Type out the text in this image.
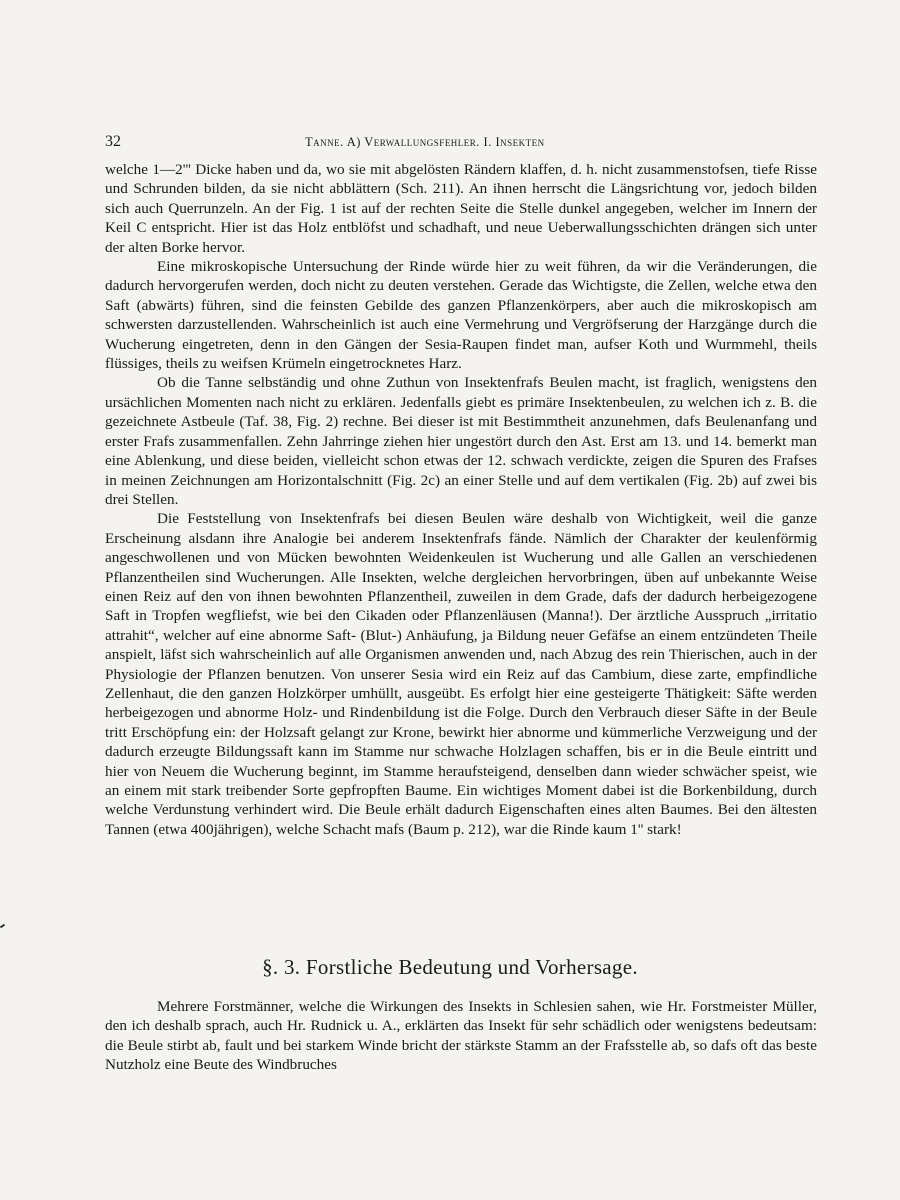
32	Tanne. A) Verwallungsfehler. I. Insekten

welche 1—2''' Dicke haben und da, wo sie mit abgelösten Rändern klaffen, d. h. nicht zusammenstofsen, tiefe Risse und Schrunden bilden, da sie nicht abblättern (Sch. 211). An ihnen herrscht die Längsrichtung vor, jedoch bilden sich auch Querrunzeln. An der Fig. 1 ist auf der rechten Seite die Stelle dunkel angegeben, welcher im Innern der Keil C entspricht. Hier ist das Holz entblöfst und schadhaft, und neue Ueberwallungsschichten drängen sich unter der alten Borke hervor.

Eine mikroskopische Untersuchung der Rinde würde hier zu weit führen, da wir die Veränderungen, die dadurch hervorgerufen werden, doch nicht zu deuten verstehen. Gerade das Wichtigste, die Zellen, welche etwa den Saft (abwärts) führen, sind die feinsten Gebilde des ganzen Pflanzenkörpers, aber auch die mikroskopisch am schwersten darzustellenden. Wahrscheinlich ist auch eine Vermehrung und Vergröfserung der Harzgänge durch die Wucherung eingetreten, denn in den Gängen der Sesia-Raupen findet man, aufser Koth und Wurmmehl, theils flüssiges, theils zu weifsen Krümeln eingetrocknetes Harz.

Ob die Tanne selbständig und ohne Zuthun von Insektenfrafs Beulen macht, ist fraglich, wenigstens den ursächlichen Momenten nach nicht zu erklären. Jedenfalls giebt es primäre Insektenbeulen, zu welchen ich z. B. die gezeichnete Astbeule (Taf. 38, Fig. 2) rechne. Bei dieser ist mit Bestimmtheit anzunehmen, dafs Beulenanfang und erster Frafs zusammenfallen. Zehn Jahrringe ziehen hier ungestört durch den Ast. Erst am 13. und 14. bemerkt man eine Ablenkung, und diese beiden, vielleicht schon etwas der 12. schwach verdickte, zeigen die Spuren des Frafses in meinen Zeichnungen am Horizontalschnitt (Fig. 2c) an einer Stelle und auf dem vertikalen (Fig. 2b) auf zwei bis drei Stellen.

Die Feststellung von Insektenfrafs bei diesen Beulen wäre deshalb von Wichtigkeit, weil die ganze Erscheinung alsdann ihre Analogie bei anderem Insektenfrafs fände. Nämlich der Charakter der keulenförmig angeschwollenen und von Mücken bewohnten Weidenkeulen ist Wucherung und alle Gallen an verschiedenen Pflanzentheilen sind Wucherungen. Alle Insekten, welche dergleichen hervorbringen, üben auf unbekannte Weise einen Reiz auf den von ihnen bewohnten Pflanzentheil, zuweilen in dem Grade, dafs der dadurch herbeigezogene Saft in Tropfen wegfliefst, wie bei den Cikaden oder Pflanzenläusen (Manna!). Der ärztliche Ausspruch „irritatio attrahit“, welcher auf eine abnorme Saft- (Blut-) Anhäufung, ja Bildung neuer Gefäfse an einem entzündeten Theile anspielt, läfst sich wahrscheinlich auf alle Organismen anwenden und, nach Abzug des rein Thierischen, auch in der Physiologie der Pflanzen benutzen. Von unserer Sesia wird ein Reiz auf das Cambium, diese zarte, empfindliche Zellenhaut, die den ganzen Holzkörper umhüllt, ausgeübt. Es erfolgt hier eine gesteigerte Thätigkeit: Säfte werden herbeigezogen und abnorme Holz- und Rindenbildung ist die Folge. Durch den Verbrauch dieser Säfte in der Beule tritt Erschöpfung ein: der Holzsaft gelangt zur Krone, bewirkt hier abnorme und kümmerliche Verzweigung und der dadurch erzeugte Bildungssaft kann im Stamme nur schwache Holzlagen schaffen, bis er in die Beule eintritt und hier von Neuem die Wucherung beginnt, im Stamme heraufsteigend, denselben dann wieder schwächer speist, wie an einem mit stark treibender Sorte gepfropften Baume. Ein wichtiges Moment dabei ist die Borkenbildung, durch welche Verdunstung verhindert wird. Die Beule erhält dadurch Eigenschaften eines alten Baumes. Bei den ältesten Tannen (etwa 400jährigen), welche Schacht mafs (Baum p. 212), war die Rinde kaum 1'' stark!

§. 3. Forstliche Bedeutung und Vorhersage.

Mehrere Forstmänner, welche die Wirkungen des Insekts in Schlesien sahen, wie Hr. Forstmeister Müller, den ich deshalb sprach, auch Hr. Rudnick u. A., erklärten das Insekt für sehr schädlich oder wenigstens bedeutsam: die Beule stirbt ab, fault und bei starkem Winde bricht der stärkste Stamm an der Frafsstelle ab, so dafs oft das beste Nutzholz eine Beute des Windbruches
